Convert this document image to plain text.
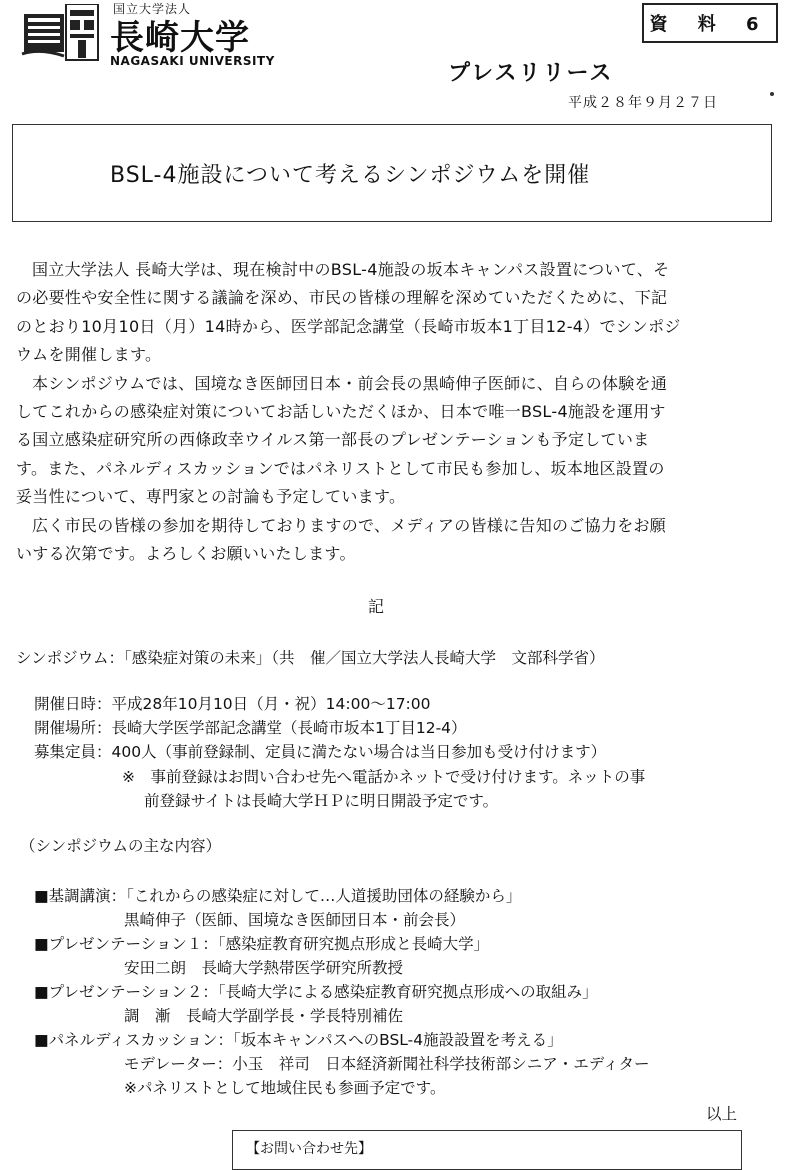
国立大学法人
長崎大学
NAGASAKI UNIVERSITY
資 料 6
プレスリリース
平成２８年９月２７日
BSL-4施設について考えるシンポジウムを開催
国立大学法人 長崎大学は、現在検討中のBSL-4施設の坂本キャンパス設置について、そ
の必要性や安全性に関する議論を深め、市民の皆様の理解を深めていただくために、下記
のとおり10月10日（月）14時から、医学部記念講堂（長崎市坂本1丁目12-4）でシンポジ
ウムを開催します。
本シンポジウムでは、国境なき医師団日本・前会長の黒崎伸子医師に、自らの体験を通
してこれからの感染症対策についてお話しいただくほか、日本で唯一BSL-4施設を運用す
る国立感染症研究所の西條政幸ウイルス第一部長のプレゼンテーションも予定していま
す。また、パネルディスカッションではパネリストとして市民も参加し、坂本地区設置の
妥当性について、専門家との討論も予定しています。
広く市民の皆様の参加を期待しておりますので、メディアの皆様に告知のご協力をお願
いする次第です。よろしくお願いいたします。
記
シンポジウム：「感染症対策の未来」（共　催／国立大学法人長崎大学　文部科学省）
開催日時：平成28年10月10日（月・祝）14:00～17:00
開催場所：長崎大学医学部記念講堂（長崎市坂本1丁目12-4）
募集定員：400人（事前登録制、定員に満たない場合は当日参加も受け付けます）
※　事前登録はお問い合わせ先へ電話かネットで受け付けます。ネットの事
前登録サイトは長崎大学ＨＰに明日開設予定です。
（シンポジウムの主な内容）
■基調講演：「これからの感染症に対して…人道援助団体の経験から」
黒崎伸子（医師、国境なき医師団日本・前会長）
■プレゼンテーション１：「感染症教育研究拠点形成と長崎大学」
安田二朗　長崎大学熱帯医学研究所教授
■プレゼンテーション２：「長崎大学による感染症教育研究拠点形成への取組み」
調　漸　長崎大学副学長・学長特別補佐
■パネルディスカッション：「坂本キャンパスへのBSL-4施設設置を考える」
モデレーター：小玉　祥司　日本経済新聞社科学技術部シニア・エディター
※パネリストとして地域住民も参画予定です。
以上
【お問い合わせ先】
